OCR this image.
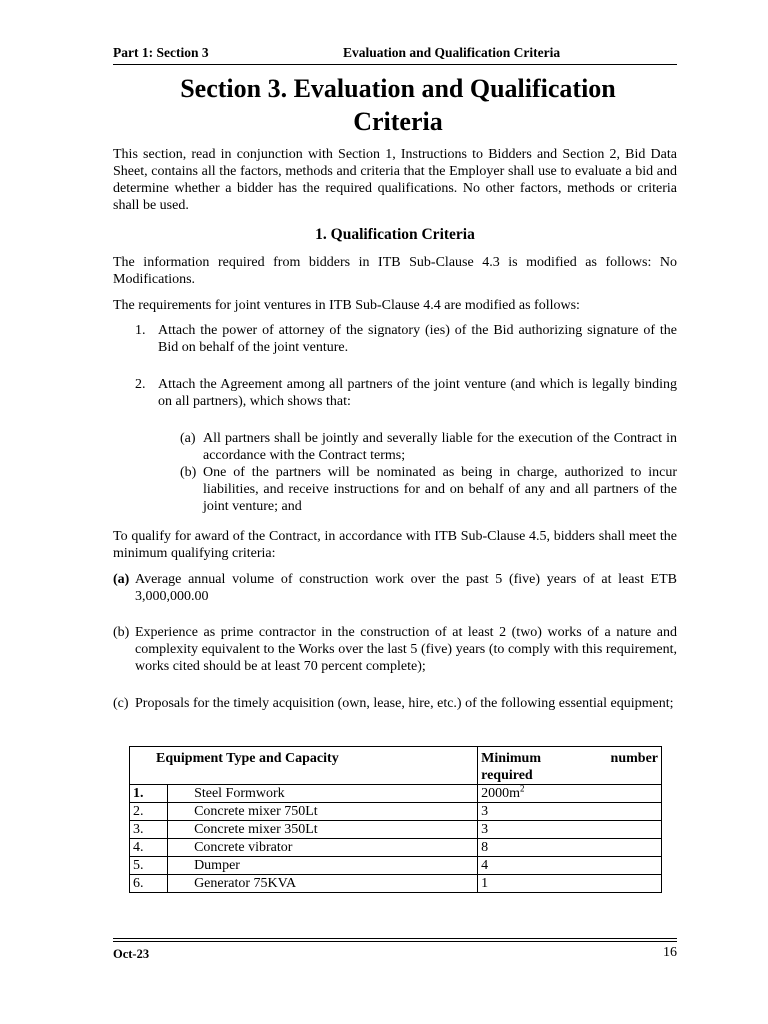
Part 1: Section 3	Evaluation and Qualification Criteria
Section 3. Evaluation and Qualification
Criteria
This section, read in conjunction with Section 1, Instructions to Bidders and Section 2, Bid Data Sheet, contains all the factors, methods and criteria that the Employer shall use to evaluate a bid and determine whether a bidder has the required qualifications. No other factors, methods or criteria shall be used.
1. Qualification Criteria
The information required from bidders in ITB Sub-Clause 4.3 is modified as follows: No Modifications.
The requirements for joint ventures in ITB Sub-Clause 4.4 are modified as follows:
1. Attach the power of attorney of the signatory (ies) of the Bid authorizing signature of the Bid on behalf of the joint venture.
2. Attach the Agreement among all partners of the joint venture (and which is legally binding on all partners), which shows that:
(a) All partners shall be jointly and severally liable for the execution of the Contract in accordance with the Contract terms;
(b) One of the partners will be nominated as being in charge, authorized to incur liabilities, and receive instructions for and on behalf of any and all partners of the joint venture; and
To qualify for award of the Contract, in accordance with ITB Sub-Clause 4.5, bidders shall meet the minimum qualifying criteria:
(a) Average annual volume of construction work over the past 5 (five) years of at least ETB 3,000,000.00
(b) Experience as prime contractor in the construction of at least 2 (two) works of a nature and complexity equivalent to the Works over the last 5 (five) years (to comply with this requirement, works cited should be at least 70 percent complete);
(c) Proposals for the timely acquisition (own, lease, hire, etc.) of the following essential equipment;
Equipment Type and Capacity		Minimum number
required

1.	Steel Formwork	$2000m^2$
2.	Concrete mixer 750Lt	3
3.	Concrete mixer 350Lt	3
4.	Concrete vibrator	8
5.	Dumper	4
6.	Generator 75KVA	1
Oct-23	16
